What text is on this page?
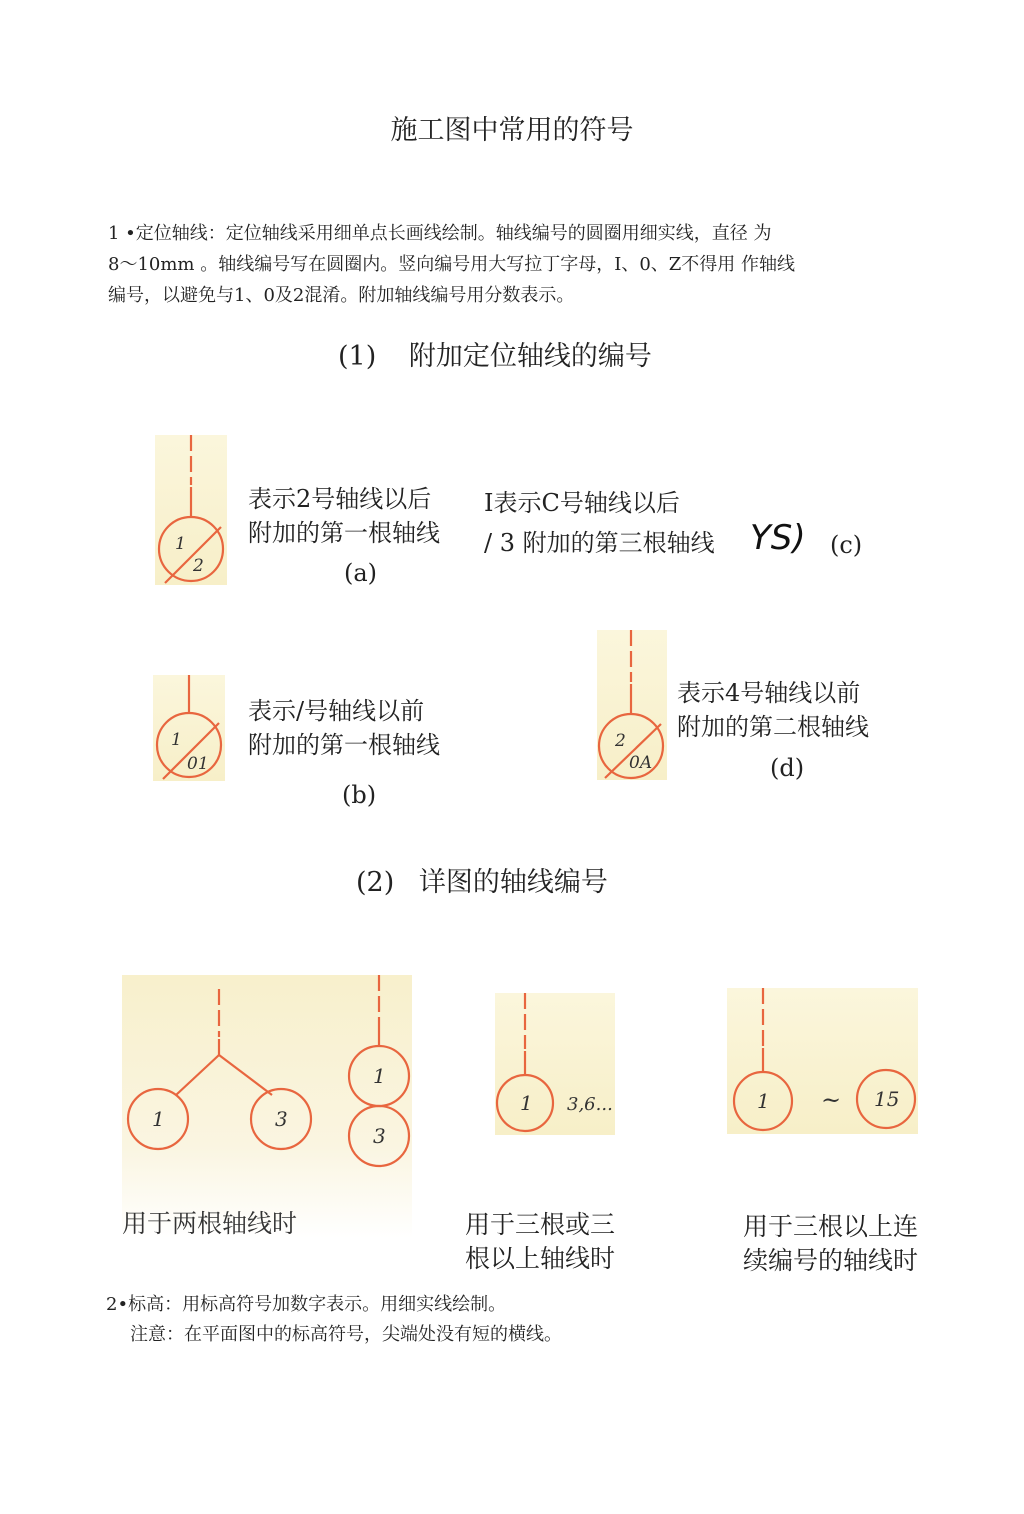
施工图中常用的符号
1 •定位轴线：定位轴线采用细单点长画线绘制。轴线编号的圆圈用细实线，直径 为
8〜10mm 。轴线编号写在圆圈内。竖向编号用大写拉丁字母，I、0、Z不得用 作轴线
编号，以避免与1、0及2混淆。附加轴线编号用分数表示。
(1) 附加定位轴线的编号
1
2
表示2号轴线以后
附加的第一根轴线
(a)
I表示C号轴线以后
/ 3 附加的第三根轴线 YS) (c)
1
01
表示/号轴线以前
附加的第一根轴线
(b)
2
0A
表示4号轴线以前
附加的第二根轴线
(d)
(2) 详图的轴线编号
1	3
1
3
用于两根轴线时
1 3,6...
用于三根或三
根以上轴线时
1 ~ 15
用于三根以上连
续编号的轴线时
2•标高：用标高符号加数字表示。用细实线绘制。
注意：在平面图中的标高符号，尖端处没有短的横线。
